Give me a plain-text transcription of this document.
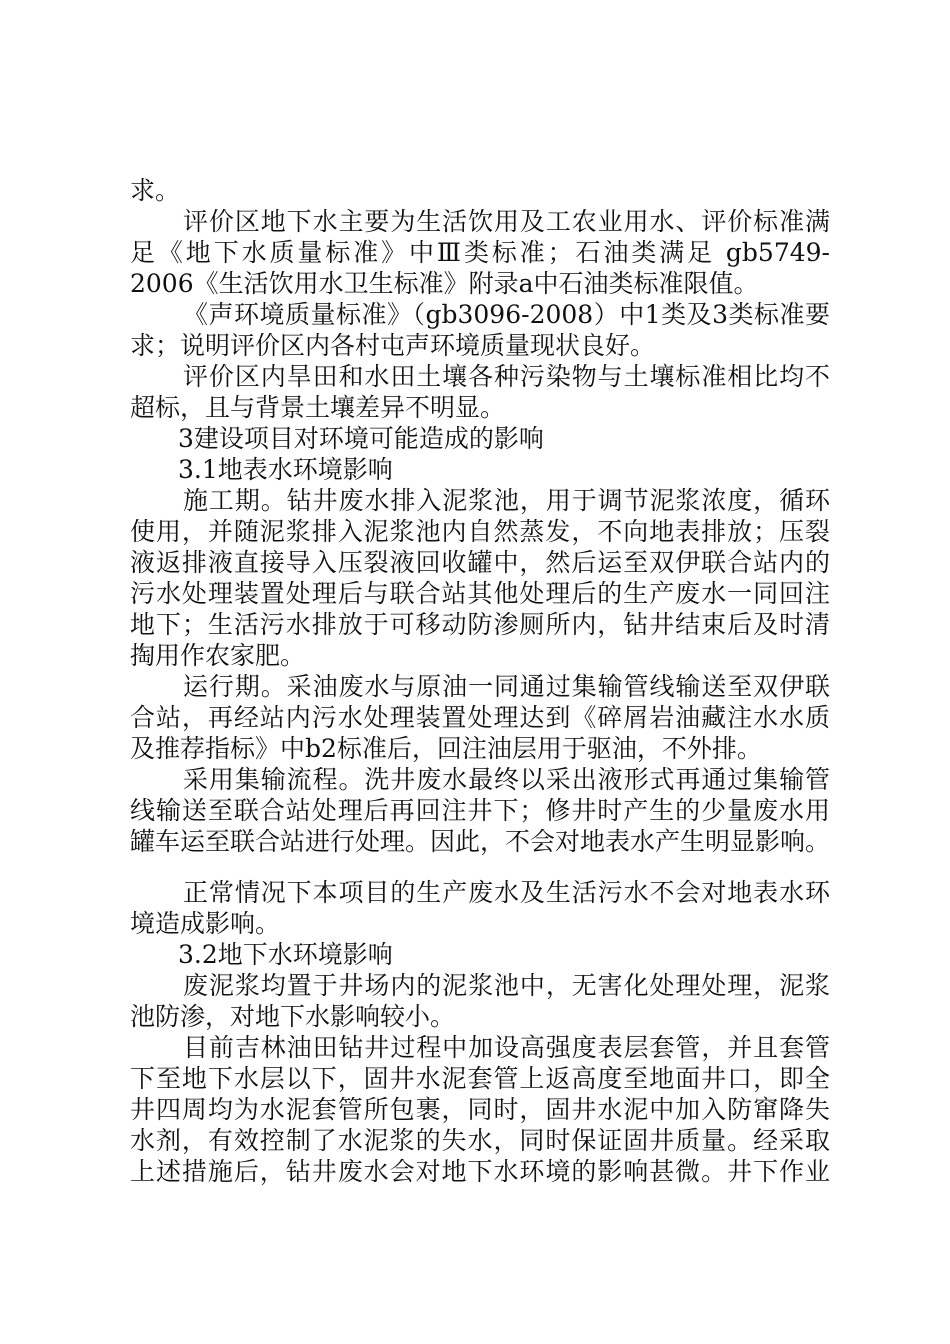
求。
评价区地下水主要为生活饮用及工农业用水、评价标准满
足《地下水质量标准》中Ⅲ类标准；石油类满足 gb5749-
2006《生活饮用水卫生标准》附录a中石油类标准限值。
《声环境质量标准》（gb3096-2008）中1类及3类标准要
求；说明评价区内各村屯声环境质量现状良好。
评价区内旱田和水田土壤各种污染物与土壤标准相比均不
超标，且与背景土壤差异不明显。
3建设项目对环境可能造成的影响
3.1地表水环境影响
施工期。钻井废水排入泥浆池，用于调节泥浆浓度，循环
使用，并随泥浆排入泥浆池内自然蒸发，不向地表排放；压裂
液返排液直接导入压裂液回收罐中，然后运至双伊联合站内的
污水处理装置处理后与联合站其他处理后的生产废水一同回注
地下；生活污水排放于可移动防渗厕所内，钻井结束后及时清
掏用作农家肥。
运行期。采油废水与原油一同通过集输管线输送至双伊联
合站，再经站内污水处理装置处理达到《碎屑岩油藏注水水质
及推荐指标》中b2标准后，回注油层用于驱油，不外排。
采用集输流程。洗井废水最终以采出液形式再通过集输管
线输送至联合站处理后再回注井下；修井时产生的少量废水用
罐车运至联合站进行处理。因此，不会对地表水产生明显影响。
正常情况下本项目的生产废水及生活污水不会对地表水环
境造成影响。
3.2地下水环境影响
废泥浆均置于井场内的泥浆池中，无害化处理处理，泥浆
池防渗，对地下水影响较小。
目前吉林油田钻井过程中加设高强度表层套管，并且套管
下至地下水层以下，固井水泥套管上返高度至地面井口，即全
井四周均为水泥套管所包裹，同时，固井水泥中加入防窜降失
水剂，有效控制了水泥浆的失水，同时保证固井质量。经采取
上述措施后，钻井废水会对地下水环境的影响甚微。井下作业
